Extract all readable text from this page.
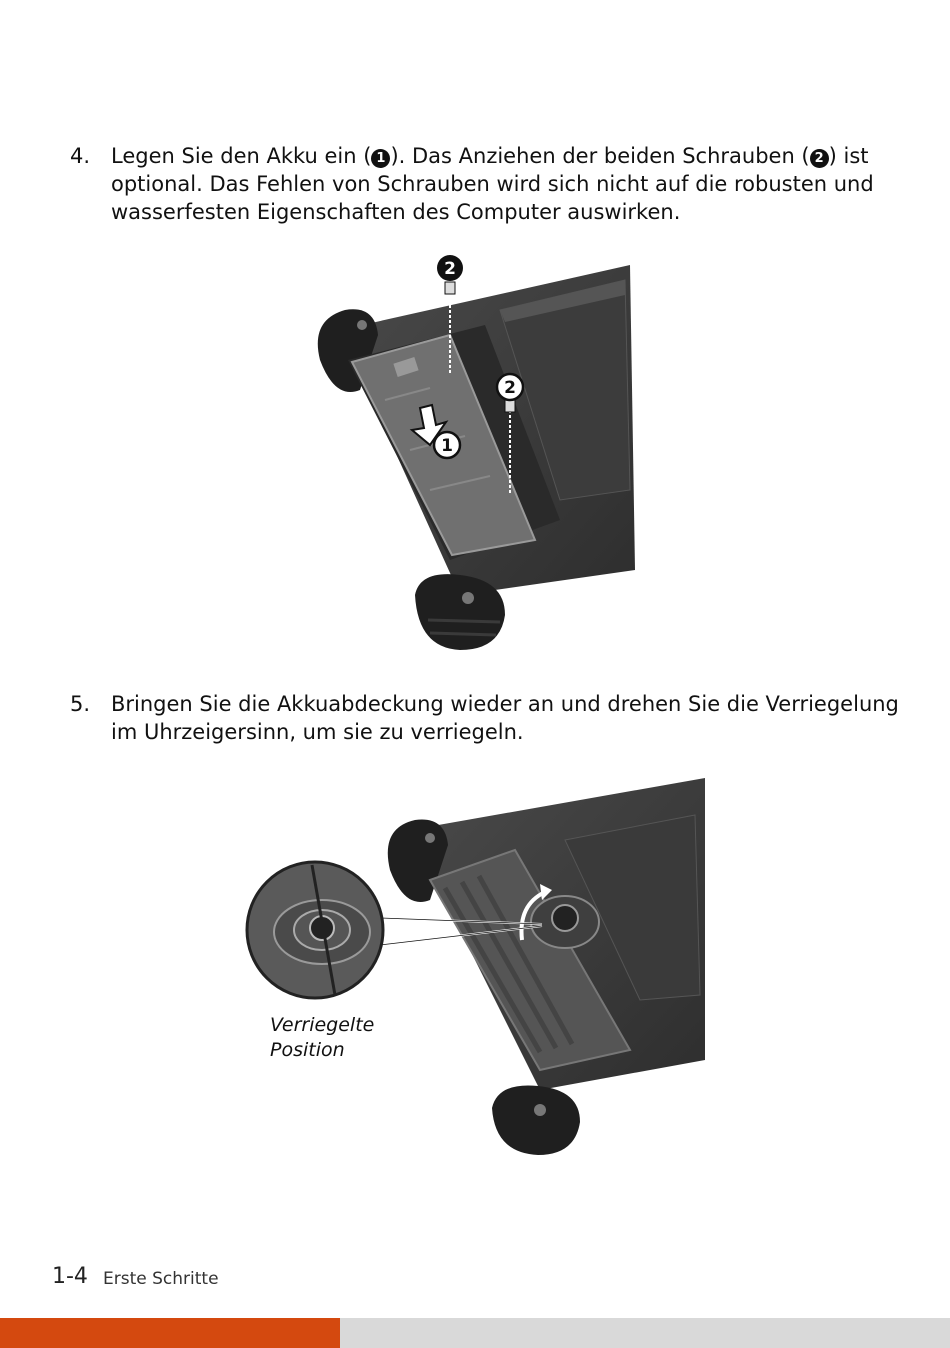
4. Legen Sie den Akku ein ( 1 ). Das Anziehen der beiden Schrauben ( 2 ) ist optional. Das Fehlen von Schrauben wird sich nicht auf die robusten und wasserfesten Eigenschaften des Computer auswirken.
1
2
2
5. Bringen Sie die Akkuabdeckung wieder an und drehen Sie die Verriegelung im Uhrzeigersinn, um sie zu verriegeln.
Verriegelte
Position
1-4 Erste Schritte
